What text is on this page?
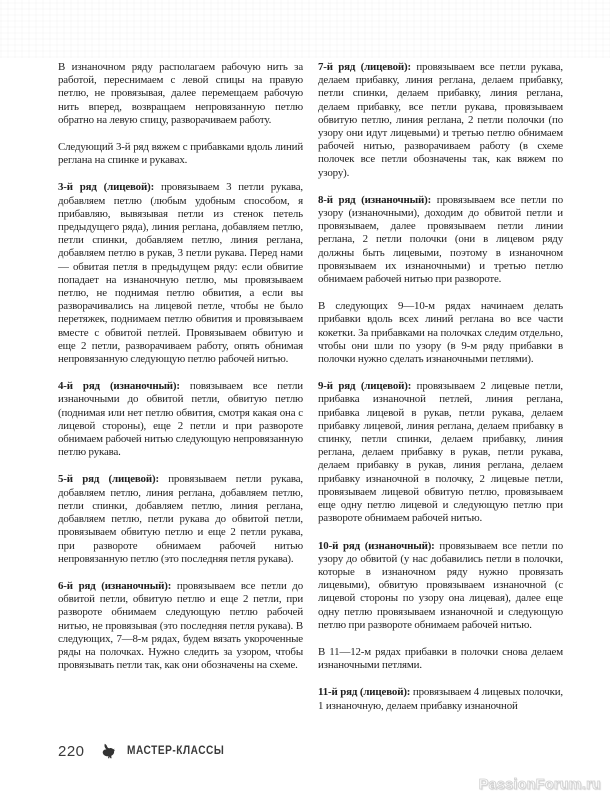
В изнаночном ряду располагаем рабочую нить за работой, переснимаем с левой спицы на правую петлю, не провязывая, далее перемещаем рабочую нить вперед, возвращаем непровязанную петлю обратно на левую спицу, разворачиваем работу.

Следующий 3-й ряд вяжем с прибавками вдоль линий реглана на спинке и рукавах.

3-й ряд (лицевой): провязываем 3 петли рукава, добавляем петлю (любым удобным способом, я прибавляю, вывязывая петли из стенок петель предыдущего ряда), линия реглана, добавляем петлю, петли спинки, добавляем петлю, линия реглана, добавляем петлю в рукав, 3 петли рукава. Перед нами — обвитая петля в предыдущем ряду: если обвитие попадает на изнаночную петлю, мы провязываем петлю, не поднимая петлю обвития, а если вы разворачивались на лицевой петле, чтобы не было перетяжек, поднимаем петлю обвития и провязываем вместе с обвитой петлей. Провязываем обвитую и еще 2 петли, разворачиваем работу, опять обнимая непровязанную следующую петлю рабочей нитью.

4-й ряд (изнаночный): повязываем все петли изнаночными до обвитой петли, обвитую петлю (поднимая или нет петлю обвития, смотря какая она с лицевой стороны), еще 2 петли и при развороте обнимаем рабочей нитью следующую непровязанную петлю рукава.

5-й ряд (лицевой): провязываем петли рукава, добавляем петлю, линия реглана, добавляем петлю, петли спинки, добавляем петлю, линия реглана, добавляем петлю, петли рукава до обвитой петли, провязываем обвитую петлю и еще 2 петли рукава, при развороте обнимаем рабочей нитью непровязанную петлю (это последняя петля рукава).

6-й ряд (изнаночный): провязываем все петли до обвитой петли, обвитую петлю и еще 2 петли, при развороте обнимаем следующую петлю рабочей нитью, не провязывая (это последняя петля рукава). В следующих, 7—8-м рядах, будем вязать укороченные ряды на полочках. Нужно следить за узором, чтобы провязывать петли так, как они обозначены на схеме.

7-й ряд (лицевой): провязываем все петли рукава, делаем прибавку, линия реглана, делаем прибавку, петли спинки, делаем прибавку, линия реглана, делаем прибавку, все петли рукава, провязываем обвитую петлю, линия реглана, 2 петли полочки (по узору они идут лицевыми) и третью петлю обнимаем рабочей нитью, разворачиваем работу (в схеме полочек все петли обозначены так, как вяжем по узору).

8-й ряд (изнаночный): провязываем все петли по узору (изнаночными), доходим до обвитой петли и провязываем, далее провязываем петли линии реглана, 2 петли полочки (они в лицевом ряду должны быть лицевыми, поэтому в изнаночном провязываем их изнаночными) и третью петлю обнимаем рабочей нитью при развороте.

В следующих 9—10-м рядах начинаем делать прибавки вдоль всех линий реглана во все части кокетки. За прибавками на полочках следим отдельно, чтобы они шли по узору (в 9-м ряду прибавки в полочки нужно сделать изнаночными петлями).

9-й ряд (лицевой): провязываем 2 лицевые петли, прибавка изнаночной петлей, линия реглана, прибавка лицевой в рукав, петли рукава, делаем прибавку лицевой, линия реглана, делаем прибавку в спинку, петли спинки, делаем прибавку, линия реглана, делаем прибавку в рукав, петли рукава, делаем прибавку в рукав, линия реглана, делаем прибавку изнаночной в полочку, 2 лицевые петли, провязываем лицевой обвитую петлю, провязываем еще одну петлю лицевой и следующую петлю при развороте обнимаем рабочей нитью.

10-й ряд (изнаночный): провязываем все петли по узору до обвитой (у нас добавились петли в полочки, которые в изнаночном ряду нужно провязать лицевыми), обвитую провязываем изнаночной (с лицевой стороны по узору она лицевая), далее еще одну петлю провязываем изнаночной и следующую петлю при развороте обнимаем рабочей нитью.

В 11—12-м рядах прибавки в полочки снова делаем изнаночными петлями.

11-й ряд (лицевой): провязываем 4 лицевых полочки, 1 изнаночную, делаем прибавку изнаночной

220	МАСТЕР-КЛАССЫ
PassionForum.ru
